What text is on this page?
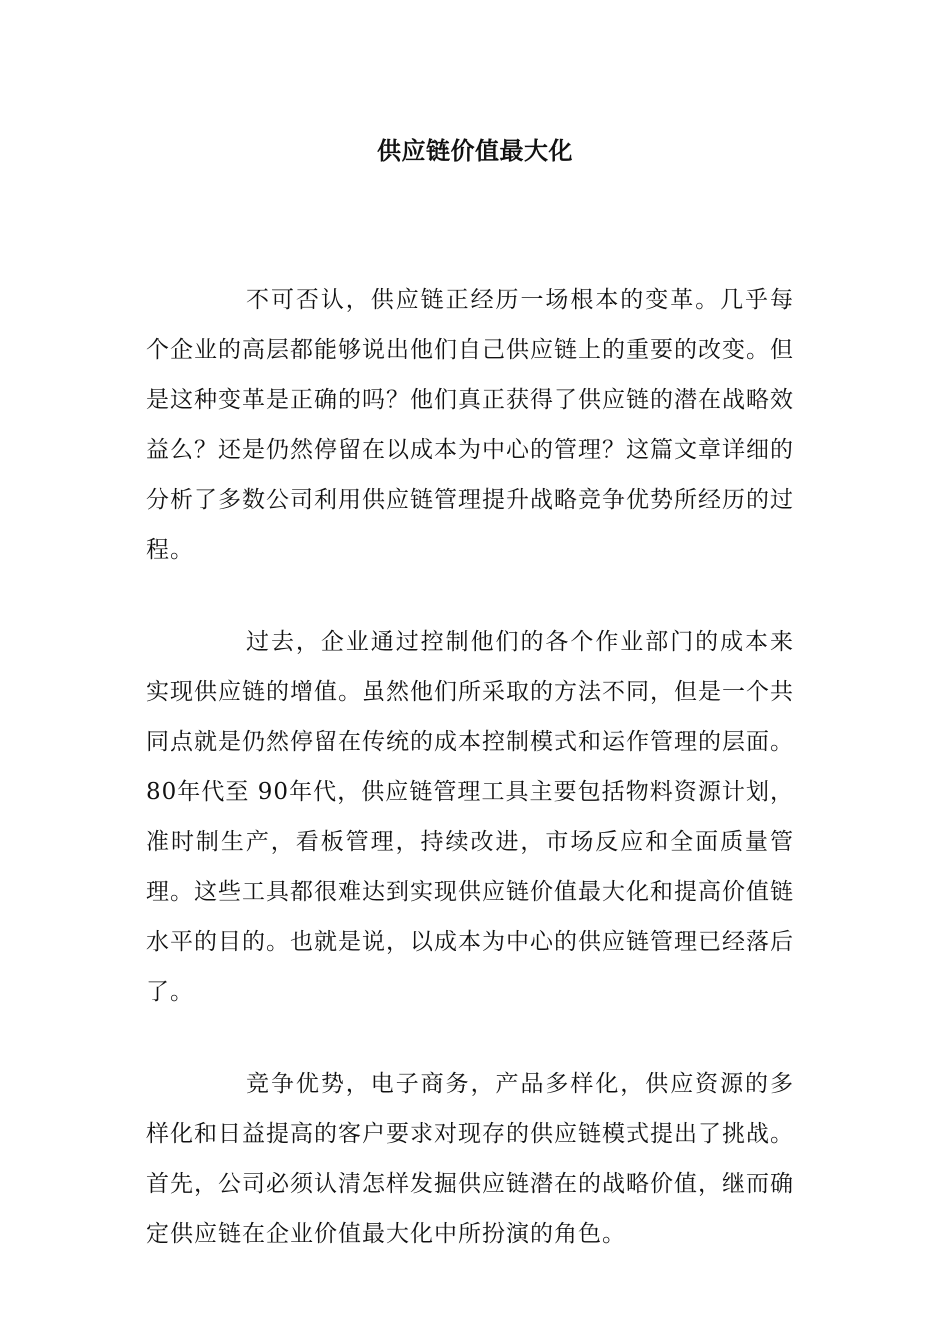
供应链价值最大化

不可否认，供应链正经历一场根本的变革。几乎每个企业的高层都能够说出他们自己供应链上的重要的改变。但是这种变革是正确的吗？他们真正获得了供应链的潜在战略效益么？还是仍然停留在以成本为中心的管理？这篇文章详细的分析了多数公司利用供应链管理提升战略竞争优势所经历的过程。

过去，企业通过控制他们的各个作业部门的成本来实现供应链的增值。虽然他们所采取的方法不同，但是一个共同点就是仍然停留在传统的成本控制模式和运作管理的层面。 80年代至 90年代，供应链管理工具主要包括物料资源计划，准时制生产，看板管理，持续改进，市场反应和全面质量管理。这些工具都很难达到实现供应链价值最大化和提高价值链水平的目的。也就是说，以成本为中心的供应链管理已经落后了。

竞争优势，电子商务，产品多样化，供应资源的多样化和日益提高的客户要求对现存的供应链模式提出了挑战。首先，公司必须认清怎样发掘供应链潜在的战略价值，继而确定供应链在企业价值最大化中所扮演的角色。
